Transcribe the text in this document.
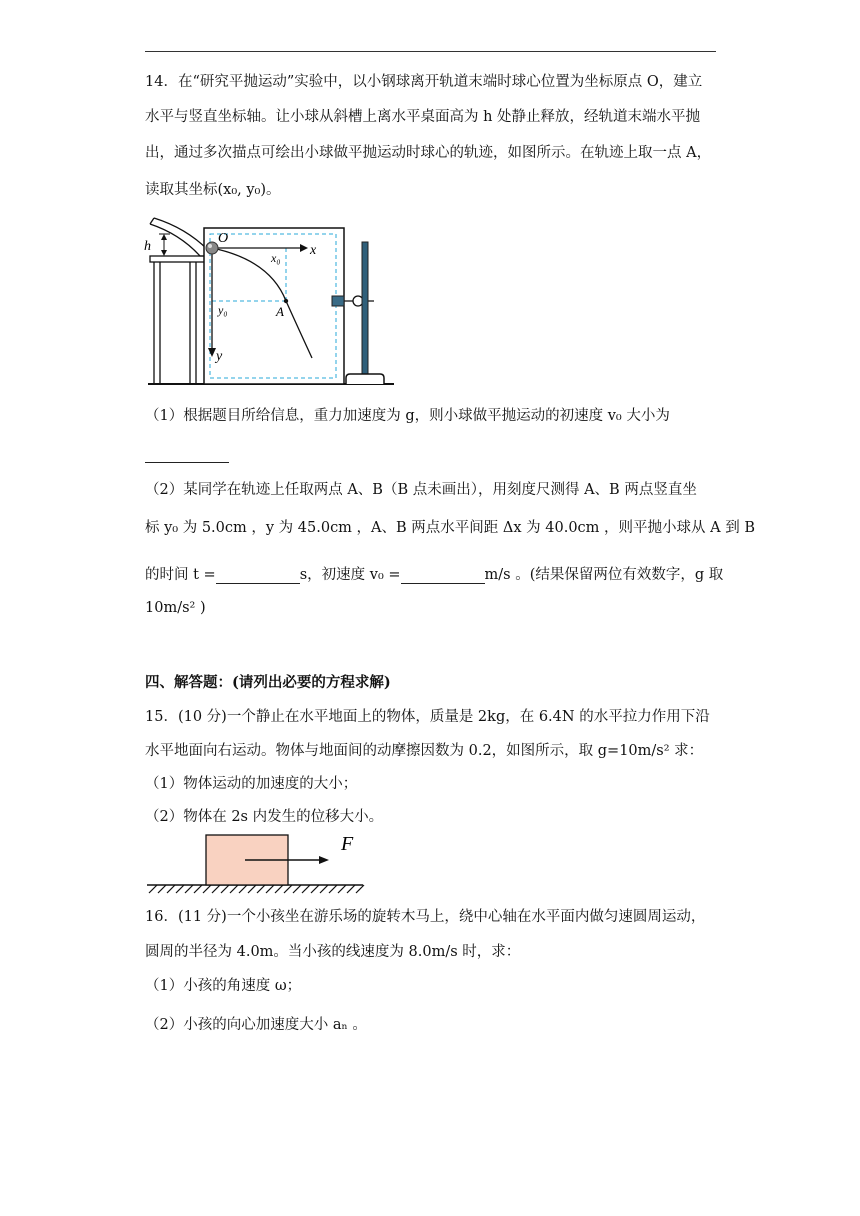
14．在“研究平抛运动”实验中，以小钢球离开轨道末端时球心位置为坐标原点 O，建立
水平与竖直坐标轴。让小球从斜槽上离水平桌面高为 h 处静止释放，经轨道末端水平抛
出，通过多次描点可绘出小球做平抛运动时球心的轨迹，如图所示。在轨迹上取一点 A，
读取其坐标(x₀, y₀)。
h
O
x
x₀
y₀	A
y
（1）根据题目所给信息，重力加速度为 g，则小球做平抛运动的初速度 v₀ 大小为
（2）某同学在轨迹上任取两点 A、B（B 点未画出），用刻度尺测得 A、B 两点竖直坐
标 y₀ 为 5.0cm ，y 为 45.0cm ，A、B 两点水平间距 Δx 为 40.0cm ，则平抛小球从 A 到 B
的时间 t =	s，初速度 v₀ =	m/s 。(结果保留两位有效数字，g 取
10m/s² )
四、解答题：(请列出必要的方程求解)
15．(10 分)一个静止在水平地面上的物体，质量是 2kg，在 6.4N 的水平拉力作用下沿
水平地面向右运动。物体与地面间的动摩擦因数为 0.2，如图所示，取 g=10m/s² 求：
（1）物体运动的加速度的大小；
（2）物体在 2s 内发生的位移大小。
F
16．(11 分)一个小孩坐在游乐场的旋转木马上，绕中心轴在水平面内做匀速圆周运动，
圆周的半径为 4.0m。当小孩的线速度为 8.0m/s 时，求：
（1）小孩的角速度 ω；
（2）小孩的向心加速度大小 aₙ 。
